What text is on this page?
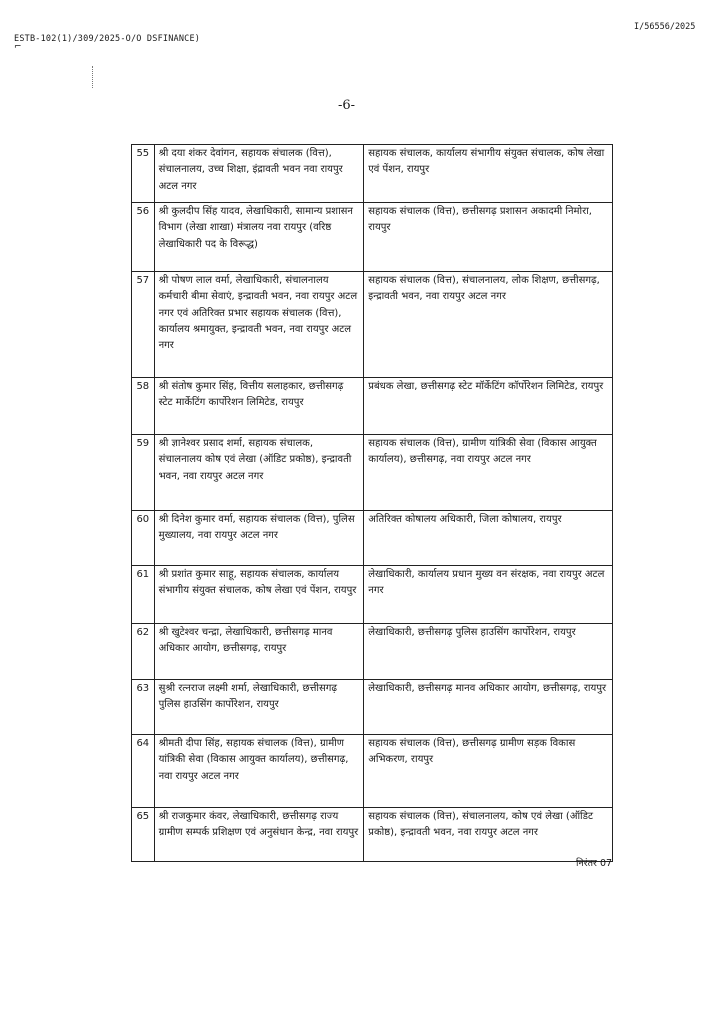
ESTB-102(1)/309/2025-O/O DSFINANCE)
⌐
I/56556/2025
-6-
55	श्री दया शंकर देवांगन, सहायक संचालक (वित्त), संचालनालय, उच्च शिक्षा, इंद्रावती भवन नवा रायपुर अटल नगर	सहायक संचालक, कार्यालय संभागीय संयुक्त संचालक, कोष लेखा एवं पेंशन, रायपुर
56	श्री कुलदीप सिंह यादव, लेखाधिकारी, सामान्य प्रशासन विभाग (लेखा शाखा) मंत्रालय नवा रायपुर (वरिष्ठ लेखाधिकारी पद के विरूद्ध)	सहायक संचालक (वित्त), छत्तीसगढ़ प्रशासन अकादमी निमोरा, रायपुर
57	श्री पोषण लाल वर्मा, लेखाधिकारी, संचालनालय कर्मचारी बीमा सेवाएं, इन्द्रावती भवन, नवा रायपुर अटल नगर एवं अतिरिक्त प्रभार सहायक संचालक (वित्त), कार्यालय श्रमायुक्त, इन्द्रावती भवन, नवा रायपुर अटल नगर	सहायक संचालक (वित्त), संचालनालय, लोक शिक्षण, छत्तीसगढ़, इन्द्रावती भवन, नवा रायपुर अटल नगर
58	श्री संतोष कुमार सिंह, वित्तीय सलाहकार, छत्तीसगढ़ स्टेट मार्केटिंग कार्पोरेशन लिमिटेड, रायपुर	प्रबंधक लेखा, छत्तीसगढ़ स्टेट मॉर्केटिंग कॉर्पोरेशन लिमिटेड, रायपुर
59	श्री ज्ञानेश्वर प्रसाद शर्मा, सहायक संचालक, संचालनालय कोष एवं लेखा (ऑडिट प्रकोष्ठ), इन्द्रावती भवन, नवा रायपुर अटल नगर	सहायक संचालक (वित्त), ग्रामीण यांत्रिकी सेवा (विकास आयुक्त कार्यालय), छत्तीसगढ़, नवा रायपुर अटल नगर
60	श्री दिनेश कुमार वर्मा, सहायक संचालक (वित्त), पुलिस मुख्यालय, नवा रायपुर अटल नगर	अतिरिक्त कोषालय अधिकारी, जिला कोषालय, रायपुर
61	श्री प्रशांत कुमार साहू, सहायक संचालक, कार्यालय संभागीय संयुक्त संचालक, कोष लेखा एवं पेंशन, रायपुर	लेखाधिकारी, कार्यालय प्रधान मुख्य वन संरक्षक, नवा रायपुर अटल नगर
62	श्री खुटेश्वर चन्द्रा, लेखाधिकारी, छत्तीसगढ़ मानव अधिकार आयोग, छत्तीसगढ़, रायपुर	लेखाधिकारी, छत्तीसगढ़ पुलिस हाउसिंग कार्पोरेशन, रायपुर
63	सुश्री रत्नराज लक्ष्मी शर्मा, लेखाधिकारी, छत्तीसगढ़ पुलिस हाउसिंग कार्पोरेशन, रायपुर	लेखाधिकारी, छत्तीसगढ़ मानव अधिकार आयोग, छत्तीसगढ़, रायपुर
64	श्रीमती दीपा सिंह, सहायक संचालक (वित्त), ग्रामीण यांत्रिकी सेवा (विकास आयुक्त कार्यालय), छत्तीसगढ़, नवा रायपुर अटल नगर	सहायक संचालक (वित्त), छत्तीसगढ़ ग्रामीण सड़क विकास अभिकरण, रायपुर
65	श्री राजकुमार कंवर, लेखाधिकारी, छत्तीसगढ़ राज्य ग्रामीण सम्पर्क प्रशिक्षण एवं अनुसंधान केन्द्र, नवा रायपुर	सहायक संचालक (वित्त), संचालनालय, कोष एवं लेखा (ऑडिट प्रकोष्ठ), इन्द्रावती भवन, नवा रायपुर अटल नगर
निरंतर 07
